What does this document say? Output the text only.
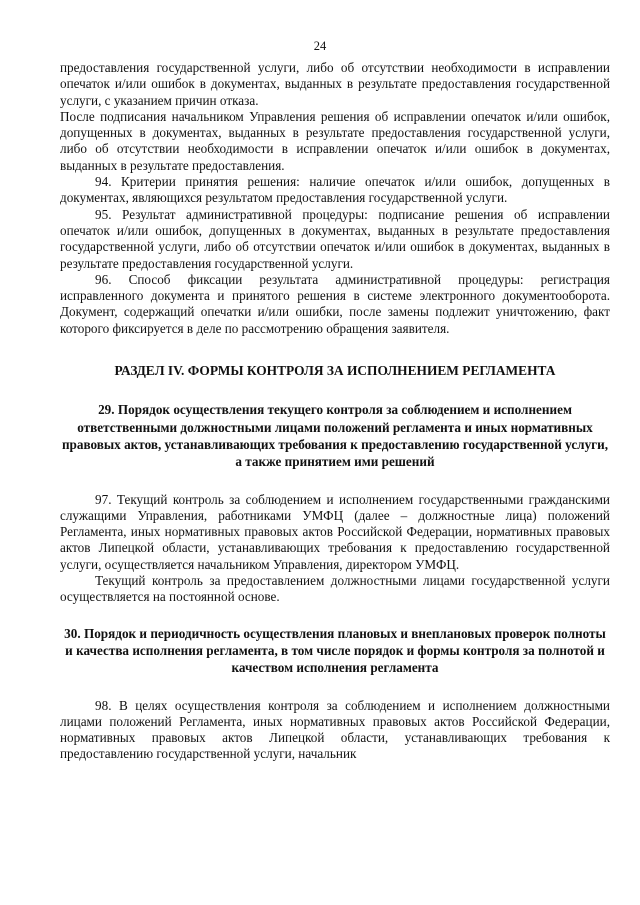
24

предоставления государственной услуги, либо об отсутствии необходимости в исправлении опечаток и/или ошибок в документах, выданных в результате предоставления государственной услуги, с указанием причин отказа.

После подписания начальником Управления решения об исправлении опечаток и/или ошибок, допущенных в документах, выданных в результате предоставления государственной услуги, либо об отсутствии необходимости в исправлении опечаток и/или ошибок в документах, выданных в результате предоставления.

94. Критерии принятия решения: наличие опечаток и/или ошибок, допущенных в документах, являющихся результатом предоставления государственной услуги.

95. Результат административной процедуры: подписание решения об исправлении опечаток и/или ошибок, допущенных в документах, выданных в результате предоставления государственной услуги, либо об отсутствии опечаток и/или ошибок в документах, выданных в результате предоставления государственной услуги.

96. Способ фиксации результата административной процедуры: регистрация исправленного документа и принятого решения в системе электронного документооборота. Документ, содержащий опечатки и/или ошибки, после замены подлежит уничтожению, факт которого фиксируется в деле по рассмотрению обращения заявителя.

РАЗДЕЛ IV. ФОРМЫ КОНТРОЛЯ ЗА ИСПОЛНЕНИЕМ РЕГЛАМЕНТА

29. Порядок осуществления текущего контроля за соблюдением и исполнением ответственными должностными лицами положений регламента и иных нормативных правовых актов, устанавливающих требования к предоставлению государственной услуги, а также принятием ими решений

97. Текущий контроль за соблюдением и исполнением государственными гражданскими служащими Управления, работниками УМФЦ (далее – должностные лица) положений Регламента, иных нормативных правовых актов Российской Федерации, нормативных правовых актов Липецкой области, устанавливающих требования к предоставлению государственной услуги, осуществляется начальником Управления, директором УМФЦ.

Текущий контроль за предоставлением должностными лицами государственной услуги осуществляется на постоянной основе.

30. Порядок и периодичность осуществления плановых и внеплановых проверок полноты и качества исполнения регламента, в том числе порядок и формы контроля за полнотой и качеством исполнения регламента

98. В целях осуществления контроля за соблюдением и исполнением должностными лицами положений Регламента, иных нормативных правовых актов Российской Федерации, нормативных правовых актов Липецкой области, устанавливающих требования к предоставлению государственной услуги, начальник
